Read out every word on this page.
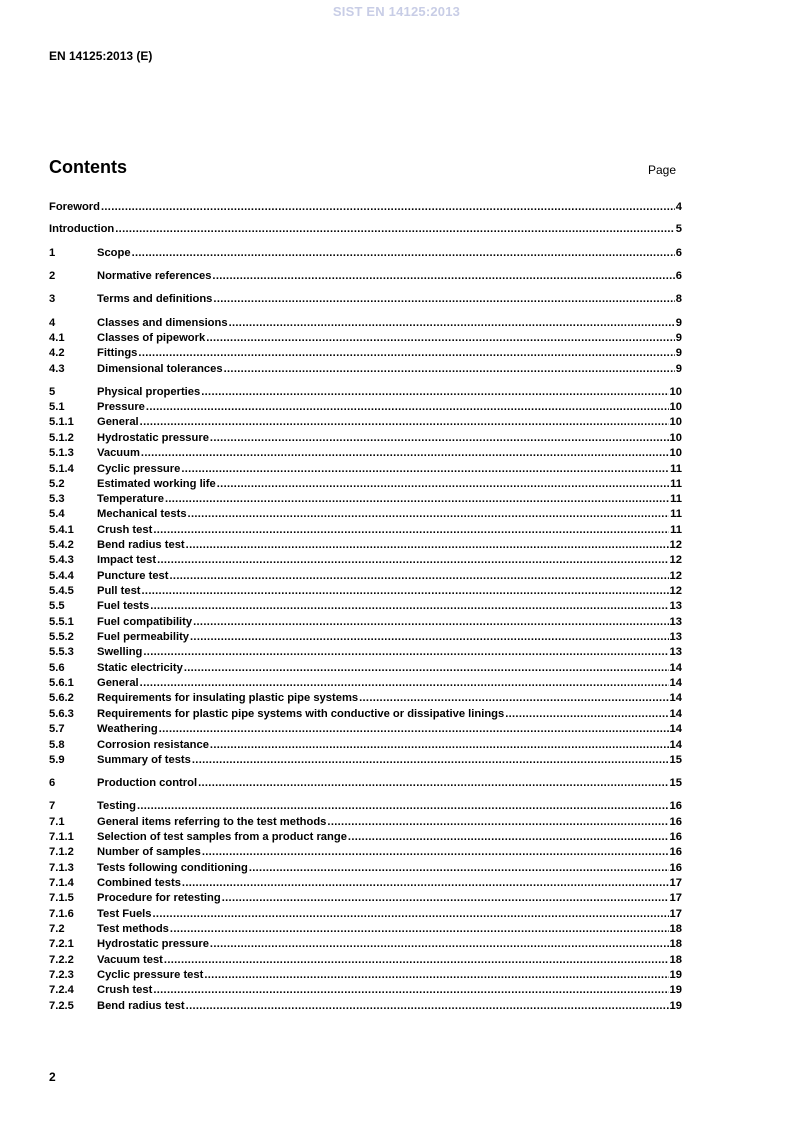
SIST EN 14125:2013
EN 14125:2013 (E)
Contents	Page
Foreword .....	4
Introduction .....	5
1	Scope .....	6
2	Normative references .....	6
3	Terms and definitions .....	8
4	Classes and dimensions .....	9
4.1	Classes of pipework .....	9
4.2	Fittings .....	9
4.3	Dimensional tolerances .....	9
5	Physical properties .....	10
5.1	Pressure .....	10
5.1.1	General .....	10
5.1.2	Hydrostatic pressure .....	10
5.1.3	Vacuum .....	10
5.1.4	Cyclic pressure .....	11
5.2	Estimated working life .....	11
5.3	Temperature .....	11
5.4	Mechanical tests .....	11
5.4.1	Crush test .....	11
5.4.2	Bend radius test .....	12
5.4.3	Impact test .....	12
5.4.4	Puncture test .....	12
5.4.5	Pull test .....	12
5.5	Fuel tests .....	13
5.5.1	Fuel compatibility .....	13
5.5.2	Fuel permeability .....	13
5.5.3	Swelling .....	13
5.6	Static electricity .....	14
5.6.1	General .....	14
5.6.2	Requirements for insulating plastic pipe systems .....	14
5.6.3	Requirements for plastic pipe systems with conductive or dissipative linings .....	14
5.7	Weathering .....	14
5.8	Corrosion resistance .....	14
5.9	Summary of tests .....	15
6	Production control .....	15
7	Testing .....	16
7.1	General items referring to the test methods .....	16
7.1.1	Selection of test samples from a product range .....	16
7.1.2	Number of samples .....	16
7.1.3	Tests following conditioning .....	16
7.1.4	Combined tests .....	17
7.1.5	Procedure for retesting .....	17
7.1.6	Test Fuels .....	17
7.2	Test methods .....	18
7.2.1	Hydrostatic pressure .....	18
7.2.2	Vacuum test .....	18
7.2.3	Cyclic pressure test .....	19
7.2.4	Crush test .....	19
7.2.5	Bend radius test .....	19
2
